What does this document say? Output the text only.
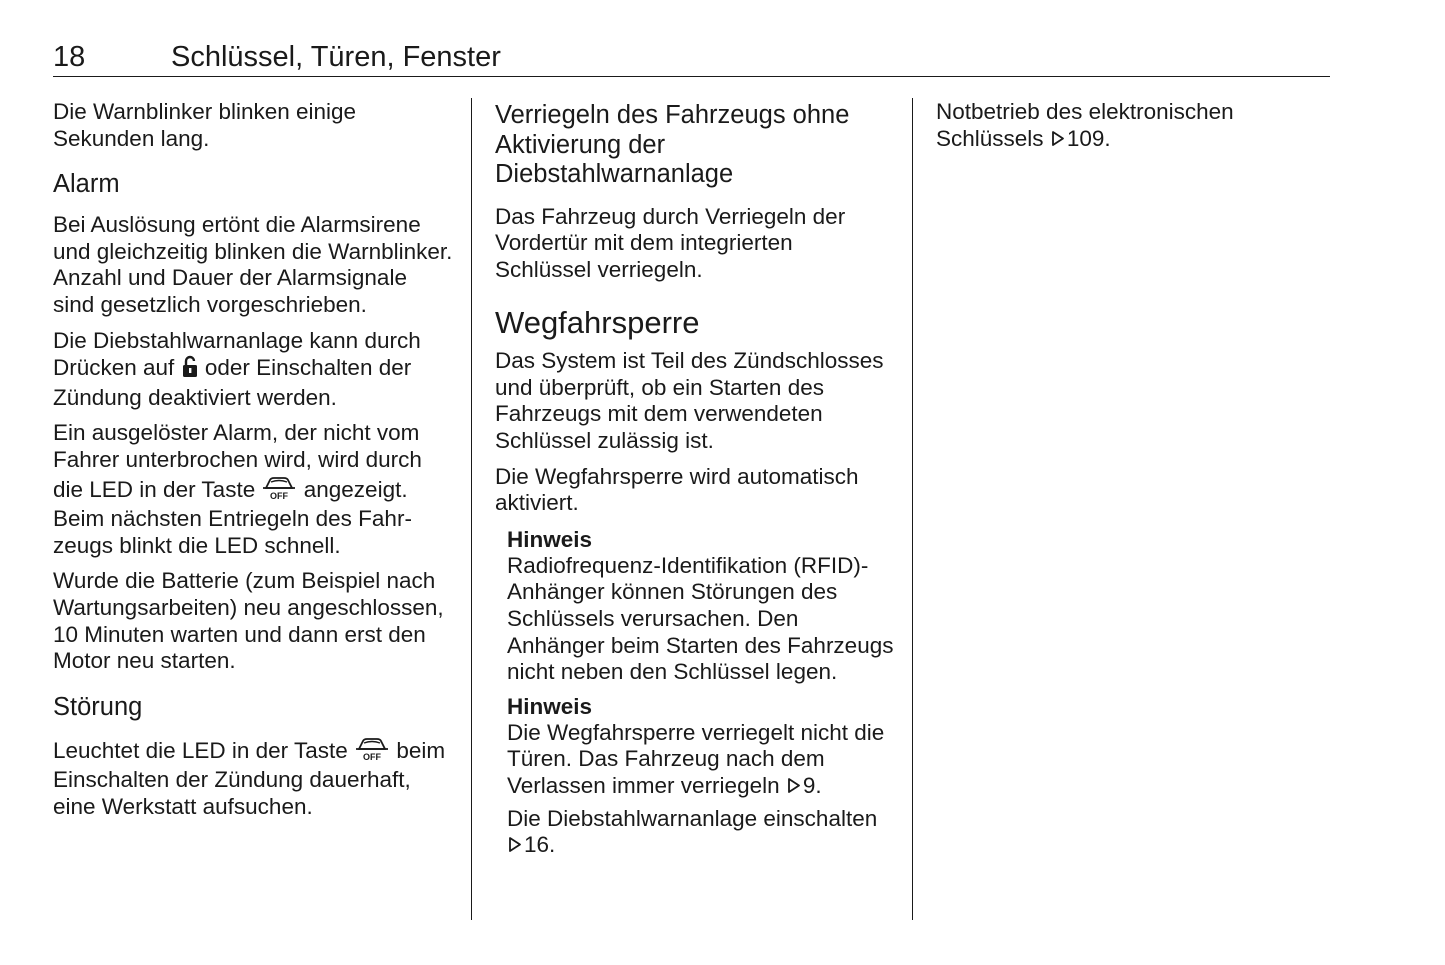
18	Schlüssel, Türen, Fenster

Die Warnblinker blinken einige Sekunden lang.

Alarm

Bei Auslösung ertönt die Alarmsirene und gleichzeitig blinken die Warnblinker. Anzahl und Dauer der Alarmsignale sind gesetzlich vorgeschrieben.

Die Diebstahlwarnanlage kann durch Drücken auf oder Einschalten der Zündung deaktiviert werden.

Ein ausgelöster Alarm, der nicht vom Fahrer unterbrochen wird, wird durch die LED in der Taste OFF angezeigt. Beim nächsten Entriegeln des Fahrzeugs blinkt die LED schnell.

Wurde die Batterie (zum Beispiel nach Wartungsarbeiten) neu angeschlossen, 10 Minuten warten und dann erst den Motor neu starten.

Störung

Leuchtet die LED in der Taste OFF beim Einschalten der Zündung dauerhaft, eine Werkstatt aufsuchen.

Verriegeln des Fahrzeugs ohne Aktivierung der Diebstahlwarnanlage

Das Fahrzeug durch Verriegeln der Vordertür mit dem integrierten Schlüssel verriegeln.

Wegfahrsperre

Das System ist Teil des Zündschlosses und überprüft, ob ein Starten des Fahrzeugs mit dem verwendeten Schlüssel zulässig ist.

Die Wegfahrsperre wird automatisch aktiviert.

Hinweis

Radiofrequenz-Identifikation (RFID)-Anhänger können Störungen des Schlüssels verursachen. Den Anhänger beim Starten des Fahrzeugs nicht neben den Schlüssel legen.

Hinweis

Die Wegfahrsperre verriegelt nicht die Türen. Das Fahrzeug nach dem Verlassen immer verriegeln 9.

Die Diebstahlwarnanlage einschalten 16.

Notbetrieb des elektronischen Schlüssels 109.
